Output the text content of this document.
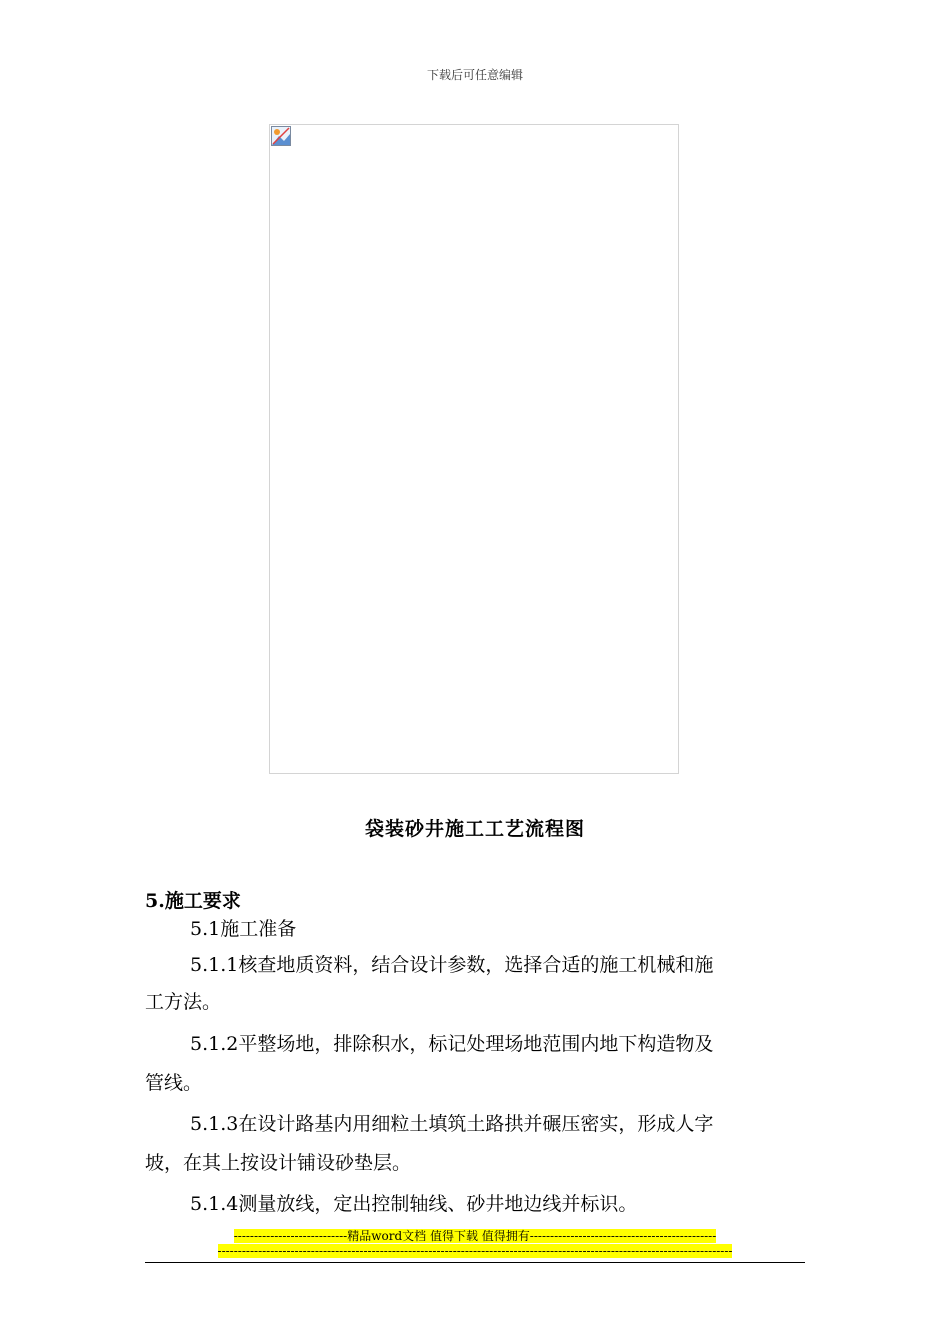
下载后可任意编辑
袋装砂井施工工艺流程图
5.施工要求
5.1施工准备
5.1.1核查地质资料，结合设计参数，选择合适的施工机械和施
工方法。
5.1.2平整场地，排除积水，标记处理场地范围内地下构造物及
管线。
5.1.3在设计路基内用细粒土填筑土路拱并碾压密实，形成人字
坡，在其上按设计铺设砂垫层。
5.1.4测量放线，定出控制轴线、砂井地边线并标识。
----------------------------精品word文档 值得下载 值得拥有----------------------------------------------
-------------------------------------------------------------------------------------------------------------------------------
